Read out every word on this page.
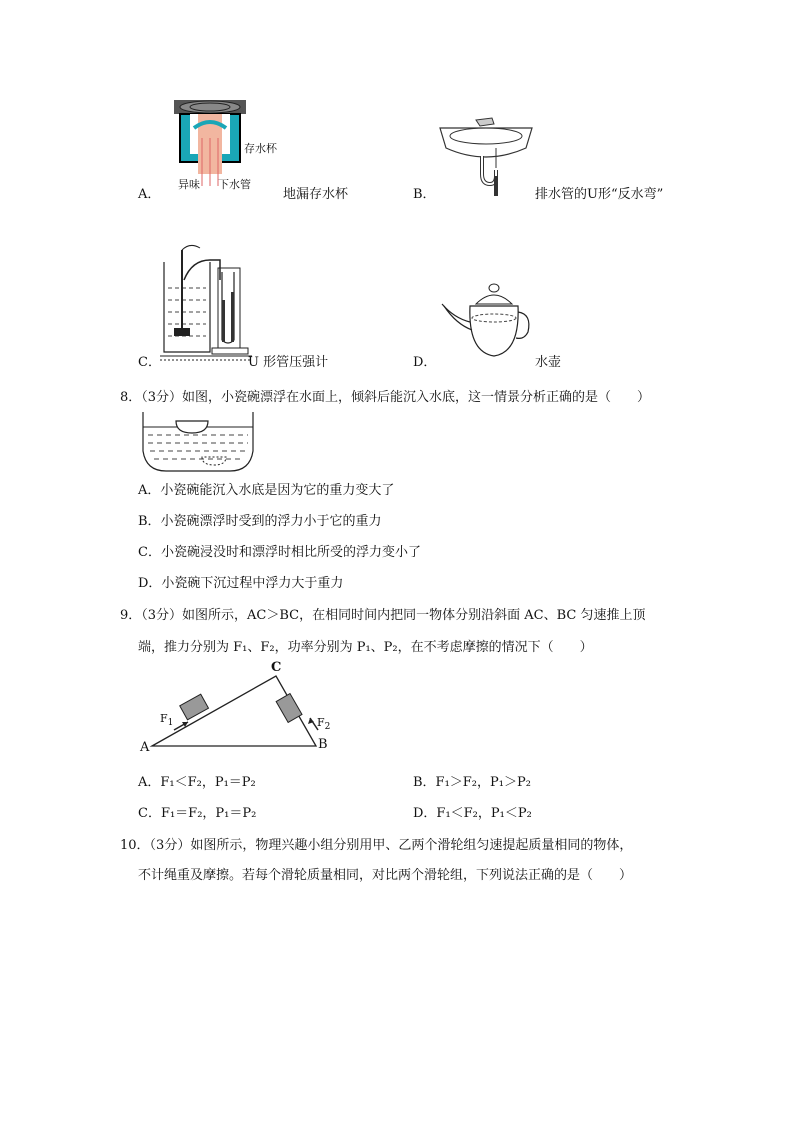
存水杯
异味 下水管
A．	地漏存水杯	B．	排水管的U形“反水弯”
C．	U 形管压强计	D．	水壶
8．（3分）如图，小瓷碗漂浮在水面上，倾斜后能沉入水底，这一情景分析正确的是（　　）
A．小瓷碗能沉入水底是因为它的重力变大了
B．小瓷碗漂浮时受到的浮力小于它的重力
C．小瓷碗浸没时和漂浮时相比所受的浮力变小了
D．小瓷碗下沉过程中浮力大于重力
9．（3分）如图所示，AC＞BC，在相同时间内把同一物体分别沿斜面 AC、BC 匀速推上顶
端，推力分别为 F₁、F₂，功率分别为 P₁、P₂，在不考虑摩擦的情况下（　　）
C
A	B
$F_1$	$F_2$
A．F₁＜F₂，P₁＝P₂	B．F₁＞F₂，P₁＞P₂
C．F₁＝F₂，P₁＝P₂	D．F₁＜F₂，P₁＜P₂
10．（3分）如图所示，物理兴趣小组分别用甲、乙两个滑轮组匀速提起质量相同的物体，
不计绳重及摩擦。若每个滑轮质量相同，对比两个滑轮组，下列说法正确的是（　　）
